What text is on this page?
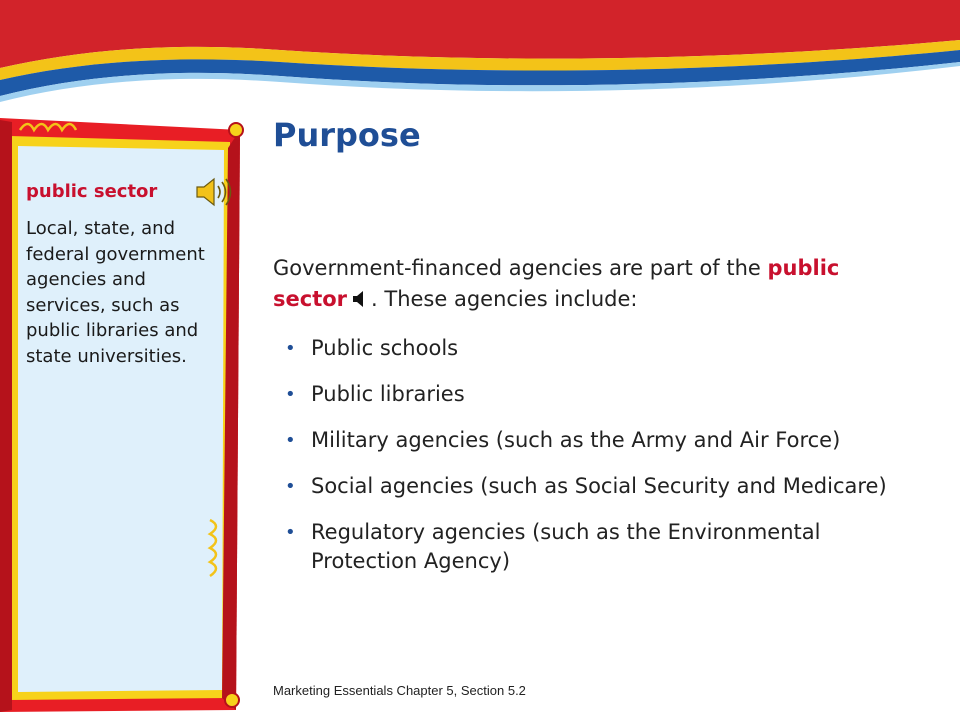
public sector
Local, state, and federal government agencies and services, such as public libraries and state universities.
Purpose

Government-financed agencies are part of the public sector . These agencies include:

• Public schools
• Public libraries
• Military agencies (such as the Army and Air Force)
• Social agencies (such as Social Security and Medicare)
• Regulatory agencies (such as the Environmental Protection Agency)
Marketing Essentials Chapter 5, Section 5.2
